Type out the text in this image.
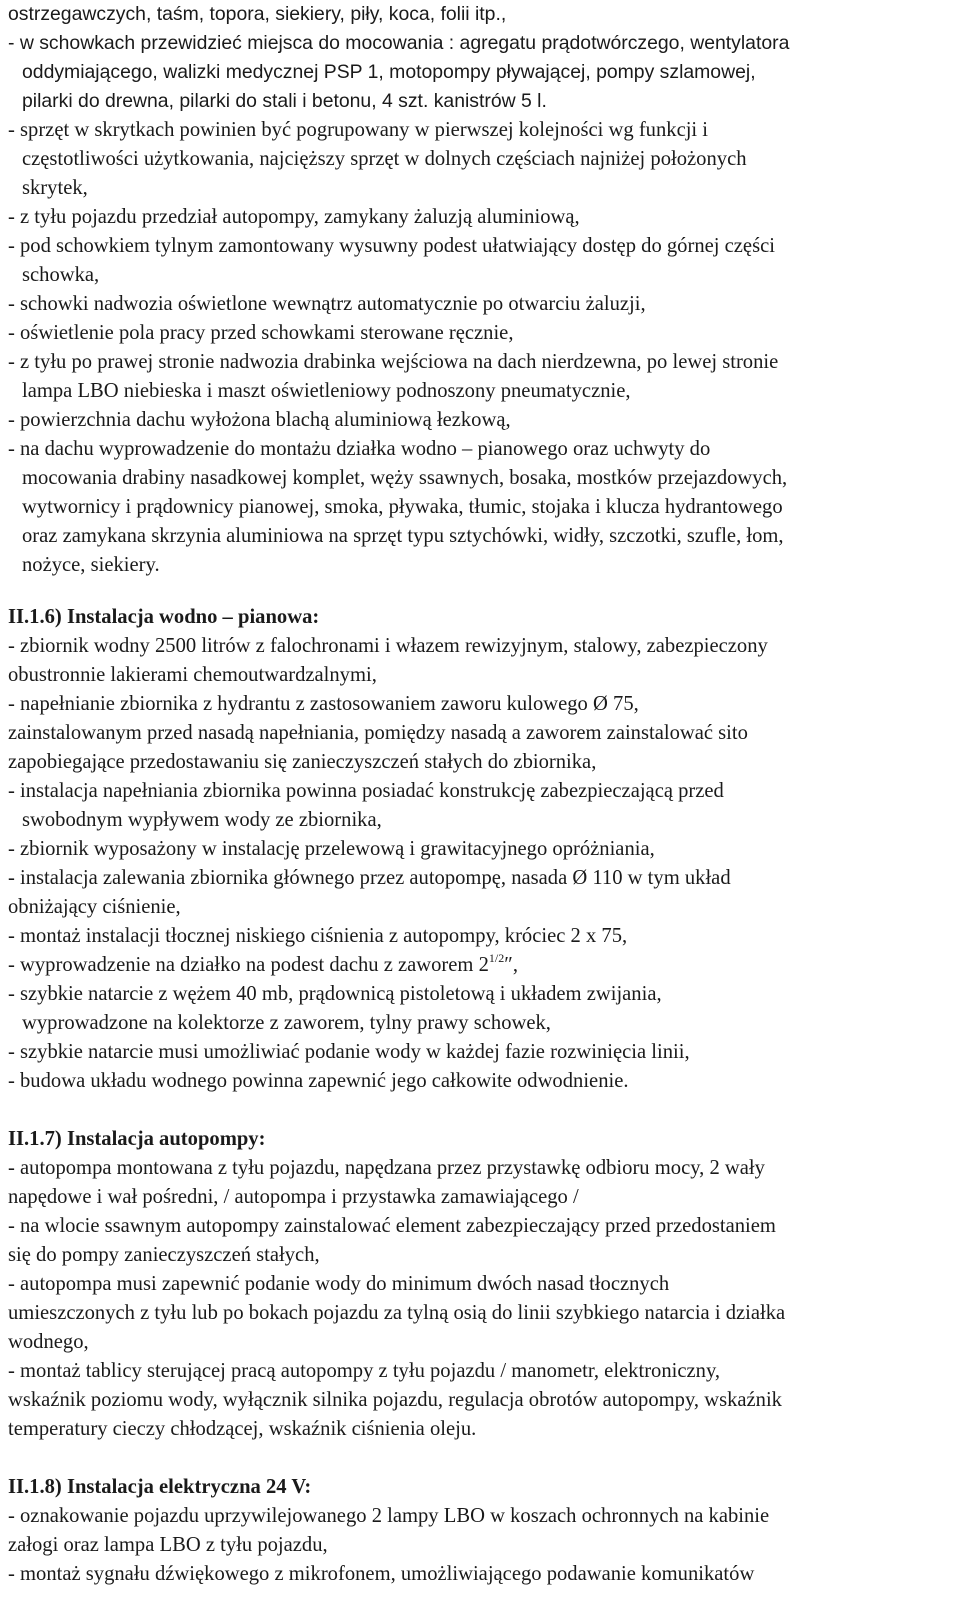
ostrzegawczych, taśm, topora, siekiery, piły, koca, folii itp.,
- w schowkach przewidzieć miejsca do mocowania : agregatu prądotwórczego, wentylatora
oddymiającego, walizki medycznej PSP 1, motopompy pływającej, pompy szlamowej,
pilarki do drewna, pilarki do stali i betonu, 4 szt. kanistrów 5 l.
- sprzęt w skrytkach powinien być pogrupowany w pierwszej kolejności wg funkcji i
częstotliwości użytkowania, najcięższy sprzęt w dolnych częściach najniżej położonych
skrytek,
- z tyłu pojazdu przedział autopompy, zamykany żaluzją aluminiową,
- pod schowkiem tylnym zamontowany wysuwny podest ułatwiający dostęp do górnej części
schowka,
- schowki nadwozia oświetlone wewnątrz automatycznie po otwarciu żaluzji,
- oświetlenie pola pracy przed schowkami sterowane ręcznie,
- z tyłu po prawej stronie nadwozia drabinka wejściowa na dach nierdzewna, po lewej stronie
lampa LBO niebieska i maszt oświetleniowy podnoszony pneumatycznie,
- powierzchnia dachu wyłożona blachą aluminiową łezkową,
- na dachu wyprowadzenie do montażu działka wodno – pianowego oraz uchwyty do
mocowania drabiny nasadkowej komplet, węży ssawnych, bosaka, mostków przejazdowych,
wytwornicy i prądownicy pianowej, smoka, pływaka, tłumic, stojaka i klucza hydrantowego
oraz zamykana skrzynia aluminiowa na sprzęt typu sztychówki, widły, szczotki, szufle, łom,
nożyce, siekiery.
II.1.6) Instalacja wodno – pianowa:
- zbiornik wodny 2500 litrów z falochronami i włazem rewizyjnym, stalowy, zabezpieczony
obustronnie lakierami chemoutwardzalnymi,
- napełnianie zbiornika z hydrantu z zastosowaniem zaworu kulowego Ø 75,
zainstalowanym przed nasadą napełniania, pomiędzy nasadą a zaworem zainstalować sito
zapobiegające przedostawaniu się zanieczyszczeń stałych do zbiornika,
- instalacja napełniania zbiornika powinna posiadać konstrukcję zabezpieczającą przed
swobodnym wypływem wody ze zbiornika,
- zbiornik wyposażony w instalację przelewową i grawitacyjnego opróżniania,
- instalacja zalewania zbiornika głównego przez autopompę, nasada Ø 110 w tym układ
obniżający ciśnienie,
- montaż instalacji tłocznej niskiego ciśnienia z autopompy, króciec 2 x 75,
- wyprowadzenie na działko na podest dachu z zaworem $2^{1/2}''$,
- szybkie natarcie z wężem 40 mb, prądownicą pistoletową i układem zwijania,
wyprowadzone na kolektorze z zaworem, tylny prawy schowek,
- szybkie natarcie musi umożliwiać podanie wody w każdej fazie rozwinięcia linii,
- budowa układu wodnego powinna zapewnić jego całkowite odwodnienie.
II.1.7) Instalacja autopompy:
- autopompa montowana z tyłu pojazdu, napędzana przez przystawkę odbioru mocy, 2 wały
napędowe i wał pośredni, / autopompa i przystawka zamawiającego /
- na wlocie ssawnym autopompy zainstalować element zabezpieczający przed przedostaniem
się do pompy zanieczyszczeń stałych,
- autopompa musi zapewnić podanie wody do minimum dwóch nasad tłocznych
umieszczonych z tyłu lub po bokach pojazdu za tylną osią do linii szybkiego natarcia i działka
wodnego,
- montaż tablicy sterującej pracą autopompy z tyłu pojazdu / manometr, elektroniczny,
wskaźnik poziomu wody, wyłącznik silnika pojazdu, regulacja obrotów autopompy, wskaźnik
temperatury cieczy chłodzącej, wskaźnik ciśnienia oleju.
II.1.8) Instalacja elektryczna 24 V:
- oznakowanie pojazdu uprzywilejowanego 2 lampy LBO w koszach ochronnych na kabinie
załogi oraz lampa LBO z tyłu pojazdu,
- montaż sygnału dźwiękowego z mikrofonem, umożliwiającego podawanie komunikatów
